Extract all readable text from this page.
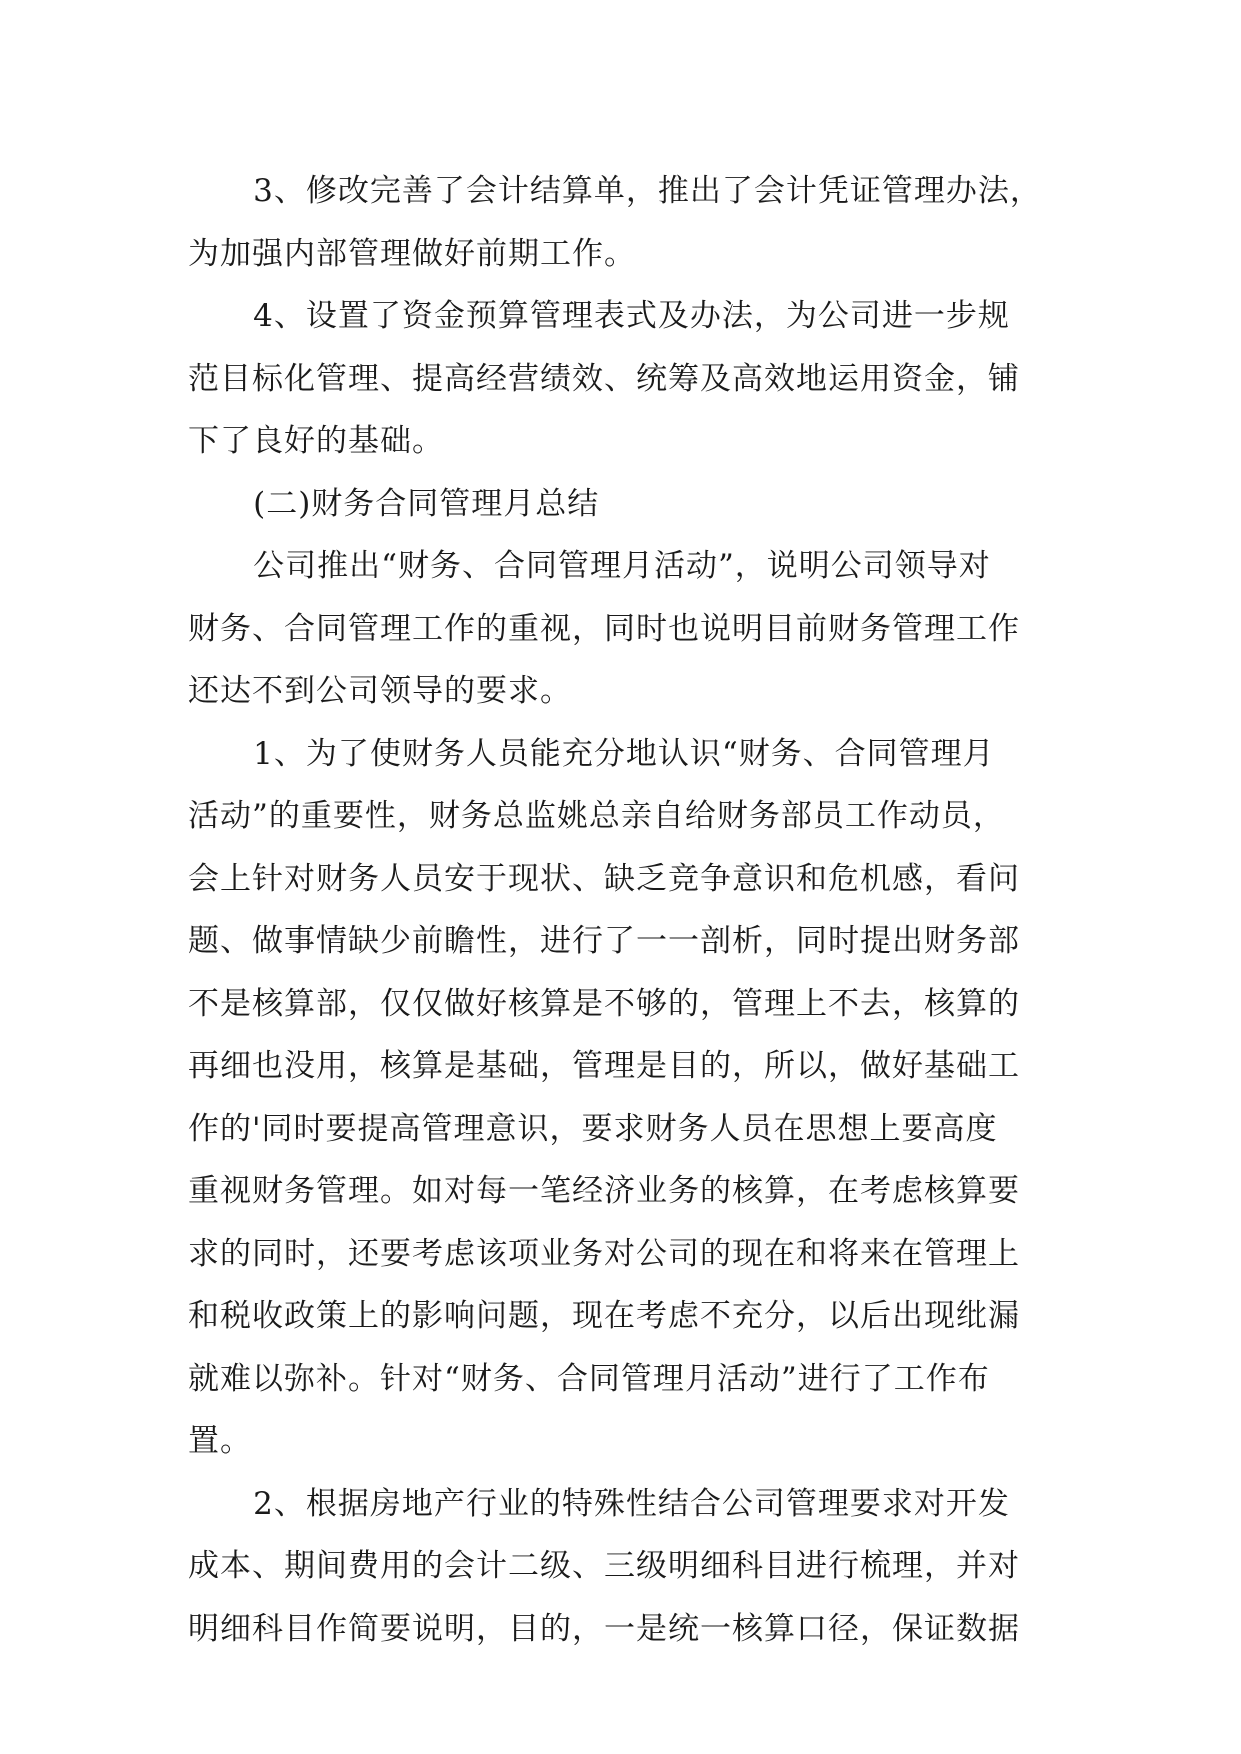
3、修改完善了会计结算单，推出了会计凭证管理办法，
为加强内部管理做好前期工作。

4、设置了资金预算管理表式及办法，为公司进一步规
范目标化管理、提高经营绩效、统筹及高效地运用资金，铺
下了良好的基础。

(二)财务合同管理月总结

公司推出“财务、合同管理月活动”，说明公司领导对
财务、合同管理工作的重视，同时也说明目前财务管理工作
还达不到公司领导的要求。

1、为了使财务人员能充分地认识“财务、合同管理月
活动”的重要性，财务总监姚总亲自给财务部员工作动员，
会上针对财务人员安于现状、缺乏竞争意识和危机感，看问
题、做事情缺少前瞻性，进行了一一剖析，同时提出财务部
不是核算部，仅仅做好核算是不够的，管理上不去，核算的
再细也没用，核算是基础，管理是目的，所以，做好基础工
作的'同时要提高管理意识，要求财务人员在思想上要高度
重视财务管理。如对每一笔经济业务的核算，在考虑核算要
求的同时，还要考虑该项业务对公司的现在和将来在管理上
和税收政策上的影响问题，现在考虑不充分，以后出现纰漏
就难以弥补。针对“财务、合同管理月活动”进行了工作布
置。

2、根据房地产行业的特殊性结合公司管理要求对开发
成本、期间费用的会计二级、三级明细科目进行梳理，并对
明细科目作简要说明，目的，一是统一核算口径，保证数据
